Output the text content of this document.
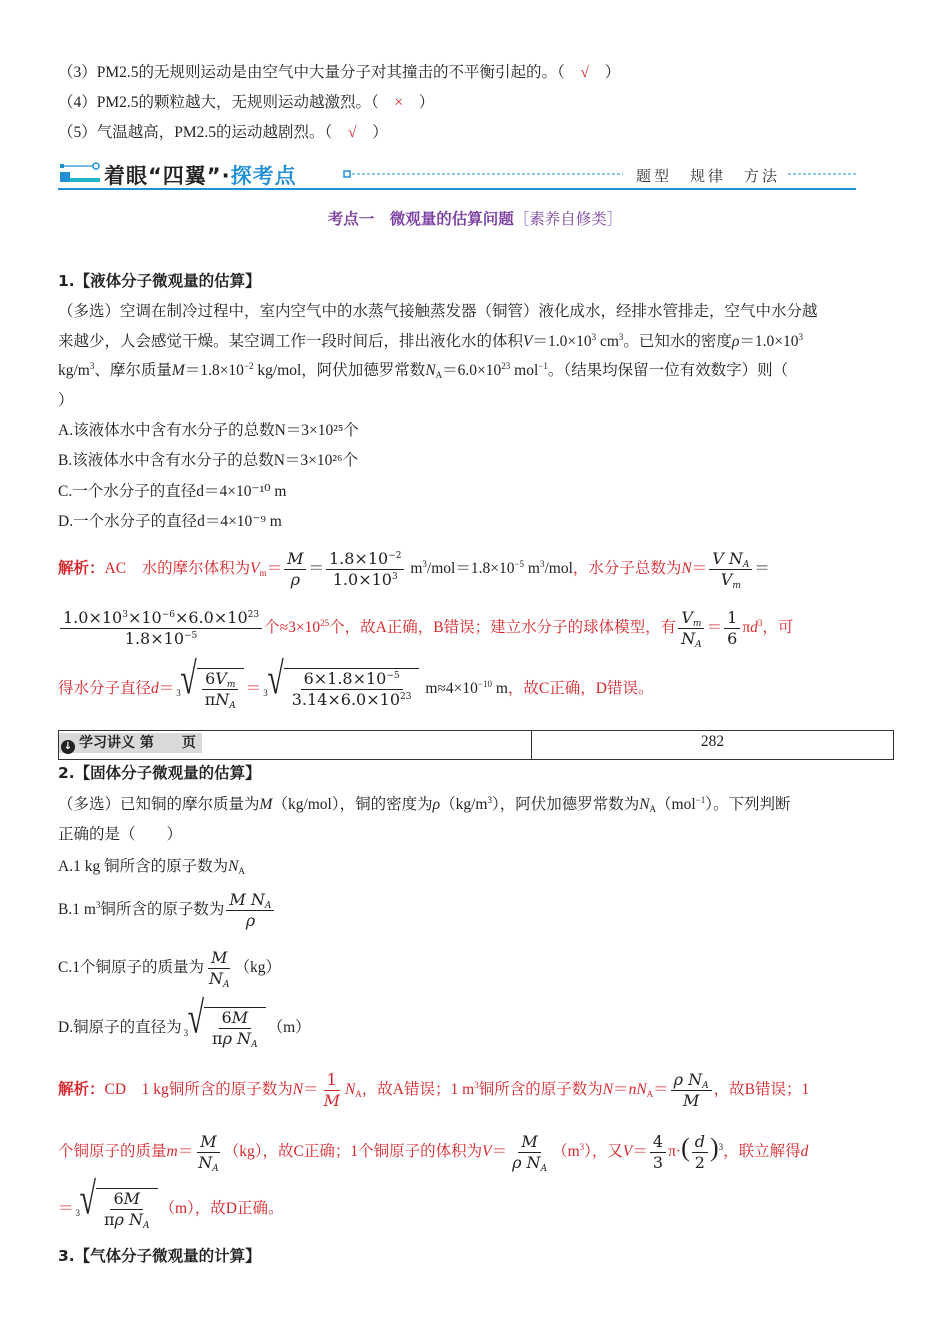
（3）PM2.5的无规则运动是由空气中大量分子对其撞击的不平衡引起的。（ √ ）
（4）PM2.5的颗粒越大，无规则运动越激烈。（ × ）
（5）气温越高，PM2.5的运动越剧烈。（ √ ）
着眼“四翼”·探考点	题型　规律　方法
考点一　微观量的估算问题［素养自修类］
1.【液体分子微观量的估算】
（多选）空调在制冷过程中，室内空气中的水蒸气接触蒸发器（铜管）液化成水，经排水管排走，空气中水分越
来越少，人会感觉干燥。某空调工作一段时间后，排出液化水的体积$V=1.0\times 10^3$ $cm^3$。已知水的密度$\rho=1.0\times 10^3$
$kg/m^3$、摩尔质量$M=1.8\times 10^{-2}$ kg/mol，阿伏加德罗常数$N_A=6.0\times 10^{23}$ mol$^{-1}$。（结果均保留一位有效数字）则（
）
A.该液体水中含有水分子的总数N＝3×10²⁵个
B.该液体水中含有水分子的总数N＝3×10²⁶个
C.一个水分子的直径d＝4×10⁻¹⁰ m
D.一个水分子的直径d＝4×10⁻⁹ m
解析：AC　水的摩尔体积为$V_m= \frac{M}{\rho} = \frac{1.8\times 10^{-2}}{1.0\times 10^3} m^3/mol=1.8\times 10^{-5}$ $m^3$/mol，水分子总数为$N= \frac{V N_A}{V_m}$ ＝
$\frac{1.0\times 10^3\times 10^{-6}\times 6.0\times 10^{23}}{1.8\times 10^{-5}}$ 个$\approx 3\times 10^{25}$个，故A正确，B错误；建立水分子的球体模型，有 $\frac{V_m}{N_A} = \frac{1}{6} \pi d^3$，可
得水分子直径d＝ 3 √ $\frac{6V_m}{\pi N_A} = 3$ √ $\frac{6\times 1.8\times 10^{-5}}{3.14\times 6.0\times 10^{23}} m\approx 4\times 10^{-10}$ m，故C正确，D错误。
↓ 学习讲义 第　　页	282
2.【固体分子微观量的估算】
（多选）已知铜的摩尔质量为M（kg/mol），铜的密度为$\rho(kg/m^3)$，阿伏加德罗常数为$N_A(mol^{-1})$。下列判断
正确的是（　　）
A.1 kg 铜所含的原子数为$N_A$
B.1 $m^3$铜所含的原子数为 $\frac{M N_A}{\rho}$
C.1个铜原子的质量为 $\frac{M}{N_A} (kg)$
D.铜原子的直径为 3 √ $\frac{6M}{\pi\rho N_A} (m)$
解析：CD　1 kg铜所含的原子数为$N= \frac{1}{M} N_A$，故A错误；1 $m^3$铜所含的原子数为$N=nN_A= \frac{\rho N_A}{M}$ ，故B错误；1
个铜原子的质量$m= \frac{M}{N_A} (kg)$，故C正确；1个铜原子的体积为$V= \frac{M}{\rho N_A} (m^3)$，又$V= \frac{4}{3} \pi\cdot( \frac{d}{2} )^3$，联立解得d
＝ 3 √ $\frac{6M}{\pi\rho N_A} (m)$，故D正确。
3.【气体分子微观量的计算】
